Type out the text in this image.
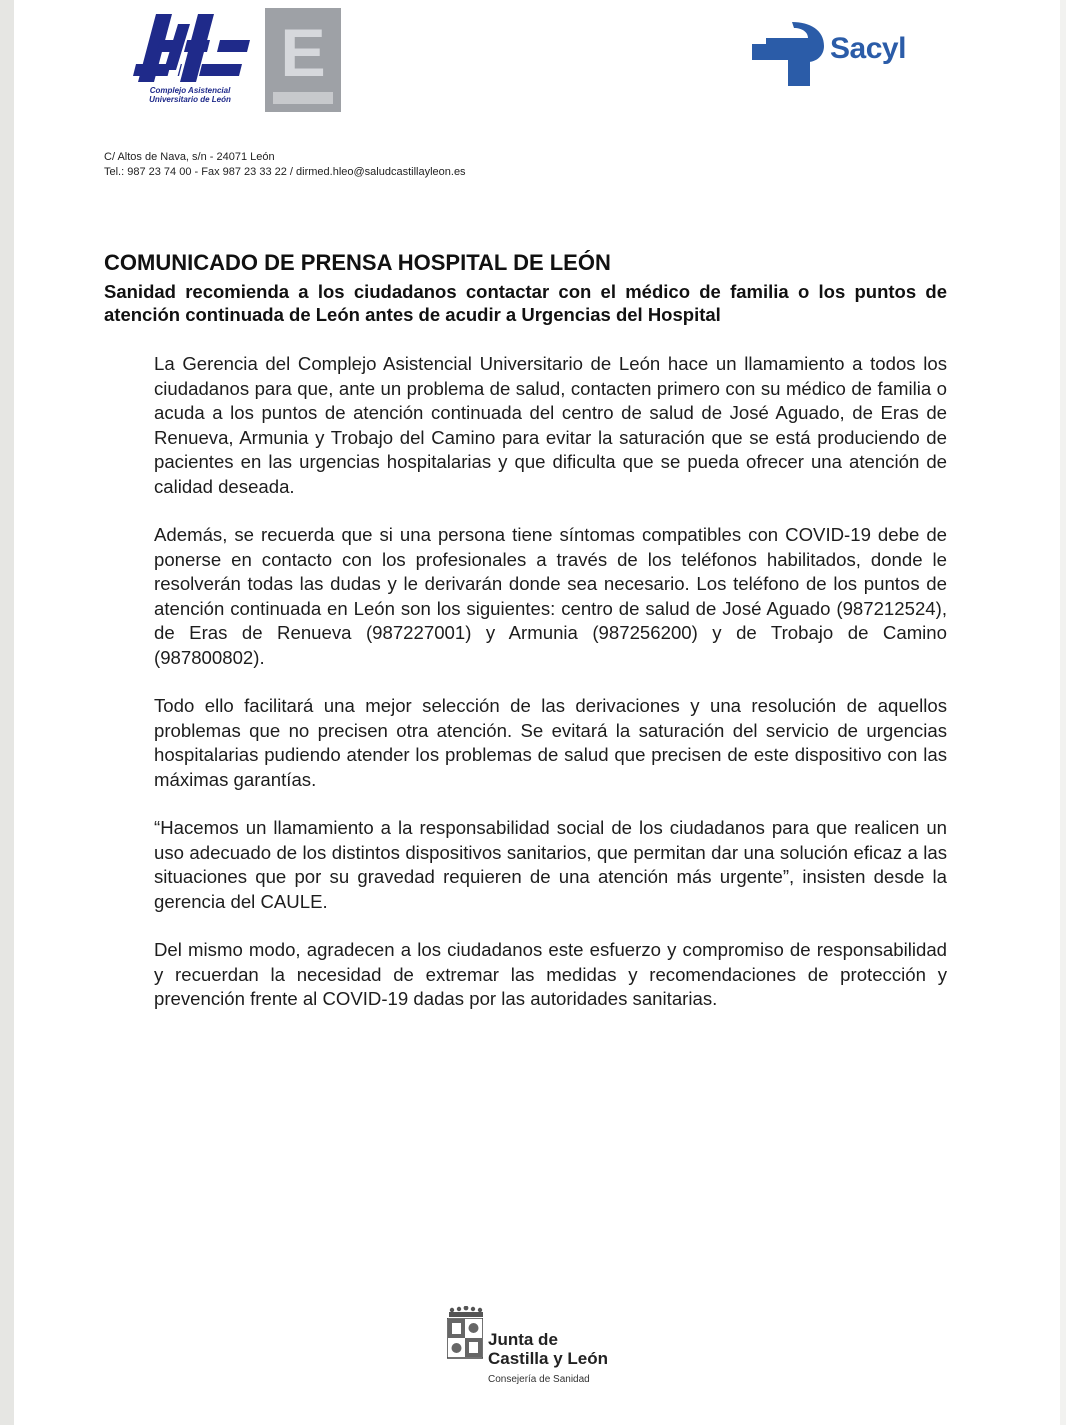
Complejo Asistencial
Universitario de León
E	Sacyl
C/ Altos de Nava, s/n - 24071 León
Tel.: 987 23 74 00 - Fax 987 23 33 22 / dirmed.hleo@saludcastillayleon.es
COMUNICADO DE PRENSA HOSPITAL DE LEÓN
Sanidad recomienda a los ciudadanos contactar con el médico de familia o los puntos de atención continuada de León antes de acudir a Urgencias del Hospital

La Gerencia del Complejo Asistencial Universitario de León hace un llamamiento a todos los ciudadanos para que, ante un problema de salud, contacten primero con su médico de familia o acuda a los puntos de atención continuada del centro de salud de José Aguado, de Eras de Renueva, Armunia y Trobajo del Camino para evitar la saturación que se está produciendo de pacientes en las urgencias hospitalarias y que dificulta que se pueda ofrecer una atención de calidad deseada.

Además, se recuerda que si una persona tiene síntomas compatibles con COVID-19 debe de ponerse en contacto con los profesionales a través de los teléfonos habilitados, donde le resolverán todas las dudas y le derivarán donde sea necesario. Los teléfono de los puntos de atención continuada en León son los siguientes: centro de salud de José Aguado (987212524), de Eras de Renueva (987227001) y Armunia (987256200) y de Trobajo de Camino (987800802).

Todo ello facilitará una mejor selección de las derivaciones y una resolución de aquellos problemas que no precisen otra atención. Se evitará la saturación del servicio de urgencias hospitalarias pudiendo atender los problemas de salud que precisen de este dispositivo con las máximas garantías.

“Hacemos un llamamiento a la responsabilidad social de los ciudadanos para que realicen un uso adecuado de los distintos dispositivos sanitarios, que permitan dar una solución eficaz a las situaciones que por su gravedad requieren de una atención más urgente”, insisten desde la gerencia del CAULE.

Del mismo modo, agradecen a los ciudadanos este esfuerzo y compromiso de responsabilidad y recuerdan la necesidad de extremar las medidas y recomendaciones de protección y prevención frente al COVID-19 dadas por las autoridades sanitarias.

Junta de
Castilla y León
Consejería de Sanidad
